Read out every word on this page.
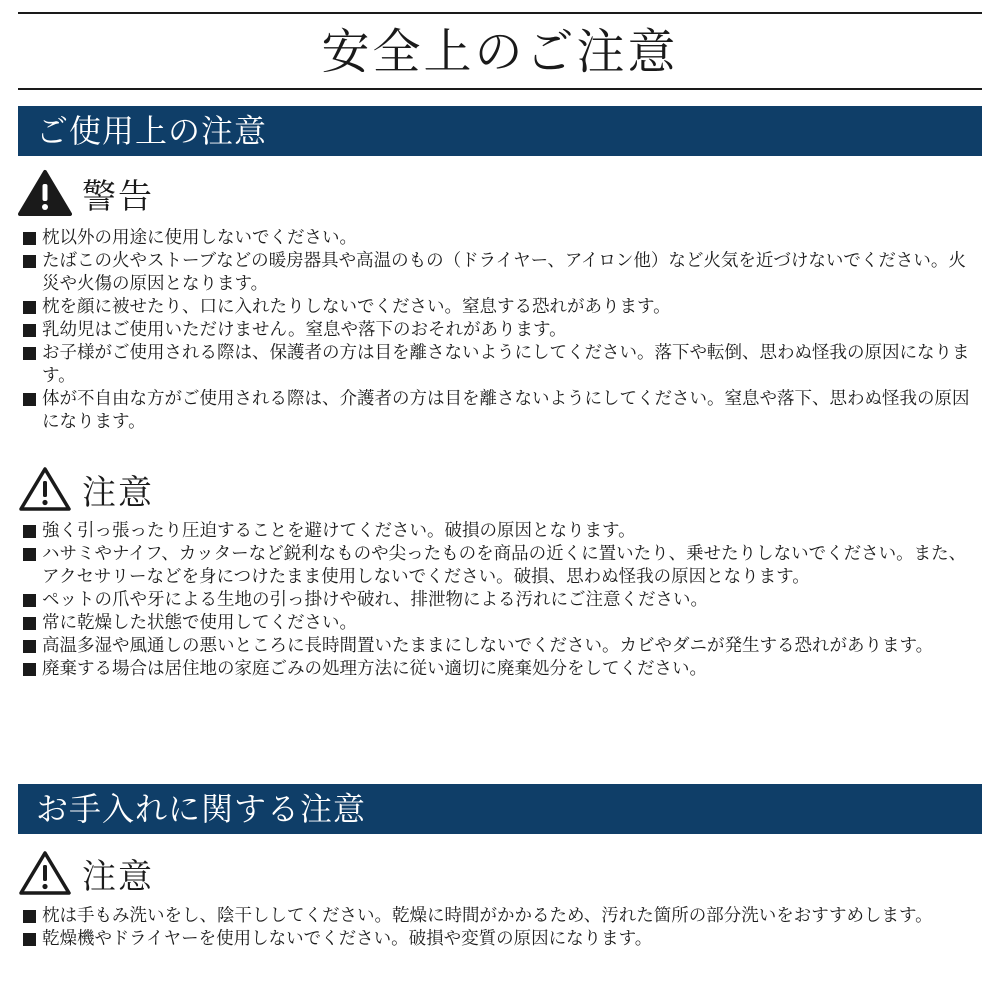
安全上のご注意
ご使用上の注意
警告
枕以外の用途に使用しないでください。
たばこの火やストーブなどの暖房器具や高温のもの（ドライヤー、アイロン他）など火気を近づけないでください。火災や火傷の原因となります。
枕を顔に被せたり、口に入れたりしないでください。窒息する恐れがあります。
乳幼児はご使用いただけません。窒息や落下のおそれがあります。
お子様がご使用される際は、保護者の方は目を離さないようにしてください。落下や転倒、思わぬ怪我の原因になります。
体が不自由な方がご使用される際は、介護者の方は目を離さないようにしてください。窒息や落下、思わぬ怪我の原因になります。
注意
強く引っ張ったり圧迫することを避けてください。破損の原因となります。
ハサミやナイフ、カッターなど鋭利なものや尖ったものを商品の近くに置いたり、乗せたりしないでください。また、アクセサリーなどを身につけたまま使用しないでください。破損、思わぬ怪我の原因となります。
ペットの爪や牙による生地の引っ掛けや破れ、排泄物による汚れにご注意ください。
常に乾燥した状態で使用してください。
高温多湿や風通しの悪いところに長時間置いたままにしないでください。カビやダニが発生する恐れがあります。
廃棄する場合は居住地の家庭ごみの処理方法に従い適切に廃棄処分をしてください。
お手入れに関する注意
注意
枕は手もみ洗いをし、陰干ししてください。乾燥に時間がかかるため、汚れた箇所の部分洗いをおすすめします。
乾燥機やドライヤーを使用しないでください。破損や変質の原因になります。
